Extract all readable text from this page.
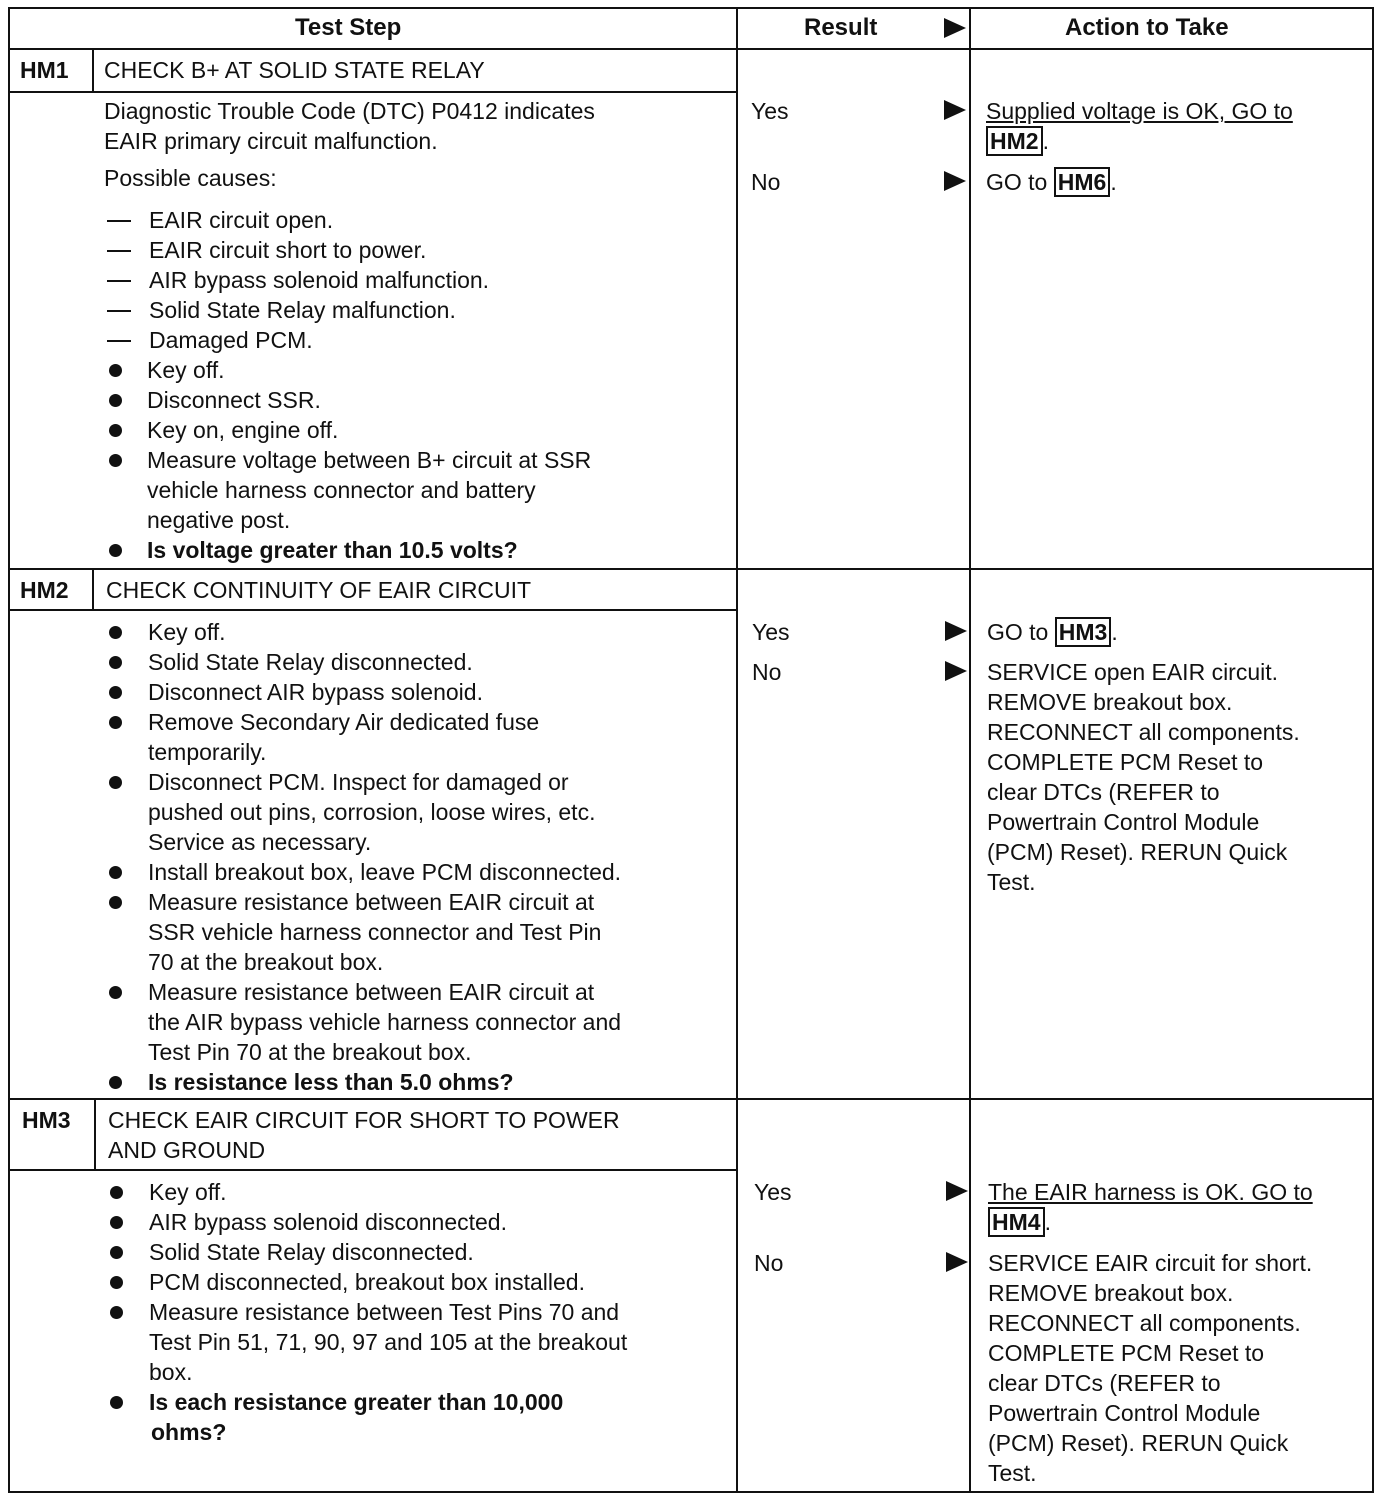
Test Step	Result	Action to Take
HM1 CHECK B+ AT SOLID STATE RELAY
Diagnostic Trouble Code (DTC) P0412 indicates
EAIR primary circuit malfunction.
Possible causes:
EAIR circuit open.
EAIR circuit short to power.
AIR bypass solenoid malfunction.
Solid State Relay malfunction.
Damaged PCM.
Key off.
Disconnect SSR.
Key on, engine off.
Measure voltage between B+ circuit at SSR
vehicle harness connector and battery
negative post.
Is voltage greater than 10.5 volts?
Yes
No
Supplied voltage is OK, GO to
HM2 .
GO to HM6 .
HM2 CHECK CONTINUITY OF EAIR CIRCUIT
Key off.
Solid State Relay disconnected.
Disconnect AIR bypass solenoid.
Remove Secondary Air dedicated fuse
temporarily.
Disconnect PCM. Inspect for damaged or
pushed out pins, corrosion, loose wires, etc.
Service as necessary.
Install breakout box, leave PCM disconnected.
Measure resistance between EAIR circuit at
SSR vehicle harness connector and Test Pin
70 at the breakout box.
Measure resistance between EAIR circuit at
the AIR bypass vehicle harness connector and
Test Pin 70 at the breakout box.
Is resistance less than 5.0 ohms?
Yes
No
GO to HM3 .
SERVICE open EAIR circuit.
REMOVE breakout box.
RECONNECT all components.
COMPLETE PCM Reset to
clear DTCs (REFER to
Powertrain Control Module
(PCM) Reset). RERUN Quick
Test.
HM3 CHECK EAIR CIRCUIT FOR SHORT TO POWER
AND GROUND
Key off.
AIR bypass solenoid disconnected.
Solid State Relay disconnected.
PCM disconnected, breakout box installed.
Measure resistance between Test Pins 70 and
Test Pin 51, 71, 90, 97 and 105 at the breakout
box.
Is each resistance greater than 10,000
ohms?
Yes
No
The EAIR harness is OK. GO to
HM4 .
SERVICE EAIR circuit for short.
REMOVE breakout box.
RECONNECT all components.
COMPLETE PCM Reset to
clear DTCs (REFER to
Powertrain Control Module
(PCM) Reset). RERUN Quick
Test.
